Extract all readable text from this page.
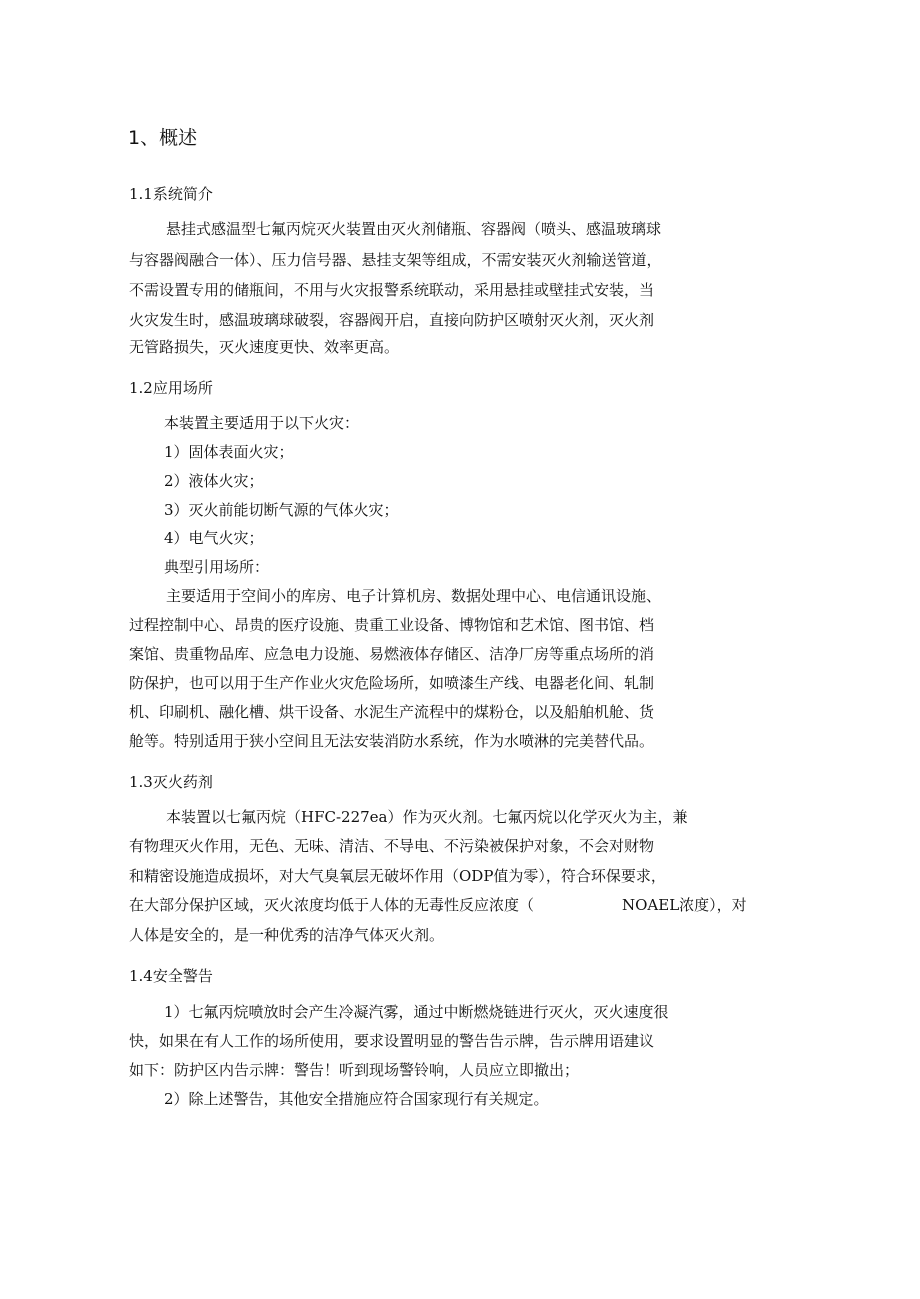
1、概述
1.1系统简介
悬挂式感温型七氟丙烷灭火装置由灭火剂储瓶、容器阀（喷头、感温玻璃球
与容器阀融合一体）、压力信号器、悬挂支架等组成，不需安装灭火剂输送管道，
不需设置专用的储瓶间，不用与火灾报警系统联动，采用悬挂或壁挂式安装，当
火灾发生时，感温玻璃球破裂，容器阀开启，直接向防护区喷射灭火剂，灭火剂
无管路损失，灭火速度更快、效率更高。
1.2应用场所
本装置主要适用于以下火灾：
1）固体表面火灾；
2）液体火灾；
3）灭火前能切断气源的气体火灾；
4）电气火灾；
典型引用场所：
主要适用于空间小的库房、电子计算机房、数据处理中心、电信通讯设施、
过程控制中心、昂贵的医疗设施、贵重工业设备、博物馆和艺术馆、图书馆、档
案馆、贵重物品库、应急电力设施、易燃液体存储区、洁净厂房等重点场所的消
防保护，也可以用于生产作业火灾危险场所，如喷漆生产线、电器老化间、轧制
机、印刷机、融化槽、烘干设备、水泥生产流程中的煤粉仓，以及船舶机舱、货
舱等。特别适用于狭小空间且无法安装消防水系统，作为水喷淋的完美替代品。
1.3灭火药剂
本装置以七氟丙烷（HFC-227ea）作为灭火剂。七氟丙烷以化学灭火为主，兼
有物理灭火作用，无色、无味、清洁、不导电、不污染被保护对象，不会对财物
和精密设施造成损坏，对大气臭氧层无破坏作用（ODP值为零），符合环保要求，
在大部分保护区域，灭火浓度均低于人体的无毒性反应浓度（	NOAEL浓度），对
人体是安全的，是一种优秀的洁净气体灭火剂。
1.4安全警告
1）七氟丙烷喷放时会产生冷凝汽雾，通过中断燃烧链进行灭火，灭火速度很
快，如果在有人工作的场所使用，要求设置明显的警告告示牌，告示牌用语建议
如下：防护区内告示牌：警告！听到现场警铃响，人员应立即撤出；
2）除上述警告，其他安全措施应符合国家现行有关规定。
